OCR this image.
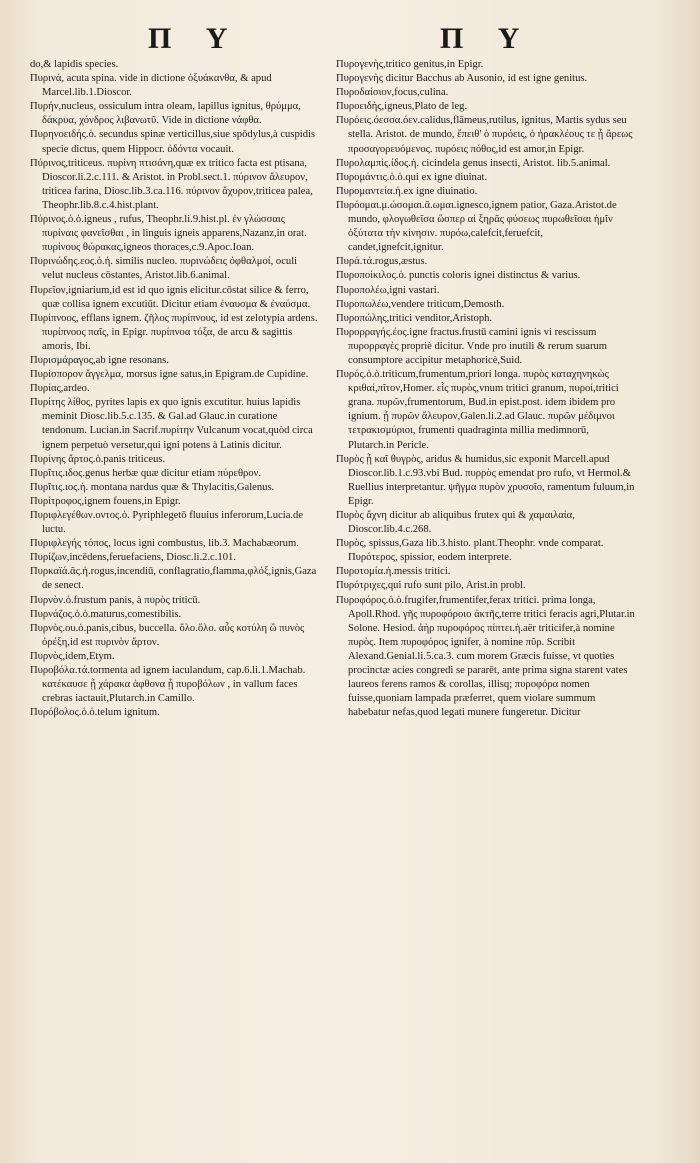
Π Υ	Π Υ

do,& lapidis species.

Πυρινά, acuta spina. vide in dictione ὀξυάκανθα, & apud Marcel.lib.1.Dioscor.

Πυρήν,nucleus, ossiculum intra oleam, lapillus ignitus, θρύμμα, δάκρυα, χόνδρος λιβανωτῦ. Vide in dictione νάφθα.

Πυρηνοειδής.ὁ. secundus spinæ verticillus,siue spōdylus,à cuspidis specie dictus, quem Hippocr. ὀδόντα vocauit.

Πύρινος,triticeus. πυρίνη πτισάνη,quæ ex tritico facta est ptisana, Dioscor.li.2.c.111. & Aristot. in Probl.sect.1. πύρινον ἄλευρον, triticea farina, Diosc.lib.3.ca.116. πύρινον ἄχυρον,triticea palea, Theophr.lib.8.c.4.hist.plant.

Πύρινος.ὁ.ὁ.igneus , rufus, Theophr.li.9.hist.pl. ἐν γλώσσαις πυρίναις φανεῖσθαι , in linguis igneis apparens,Nazanz,in orat. πυρίνους θώρακας,igneos thoraces,c.9.Apoc.Ioan.

Πυρινώδης.εος.ὁ.ἡ. similis nucleo. πυρινώδεις ὀφθαλμοί, oculi velut nucleus cōstantes, Aristot.lib.6.animal.

Πυρεῖον,igniarium,id est id quo ignis elicitur.cōstat silice & ferro, quæ collisa ignem excutiūt. Dicitur etiam ἐναυσμα & ἐναύσμα.

Πυρίπνοος, efflans ignem. ζῆλος πυρίπνους, id est zelotypia ardens. πυρίπνοος παῖς, in Epigr. πυρίπνοα τόξα, de arcu & sagittis amoris, Ibi.

Πυρισμάραγος,ab igne resonans.

Πυρίσπορον ἄγγελμα, morsus igne satus,in Epigram.de Cupidine.

Πυρίας,ardeo.

Πυρίτης λίθος, pyrites lapis ex quo ignis excutitur. huius lapidis meminit Diosc.lib.5.c.135. & Gal.ad Glauc.in curatione tendonum. Lucian.in Sacrif.πυρίτην Vulcanum vocat,quòd circa ignem perpetuò versetur,qui igni potens à Latinis dicitur.

Πυρίνης ἄρτος.ὁ.panis triticeus.

Πυρῖτις.ιδος.genus herbæ quæ dicitur etiam πύρεθρον.

Πυρῖτις.ιος.ἡ. montana nardus quæ & Thylacitis,Galenus.

Πυρίτροφος,ignem fouens,in Epigr.

Πυριφλεγέθων.οντος.ὁ. Pyriphlegetō fluuius inferorum,Lucia.de luctu.

Πυριφλεγής τόπος, locus igni combustus, lib.3. Machabæorum.

Πυρίζων,incēdens,feruefaciens, Diosc.li.2.c.101.

Πυρκαϊά.ᾶς.ἡ.rogus,incendiū, conflagratio,flamma,φλόξ,ignis,Gaza de senect.

Πυρνὸν.ὁ.frustum panis, à πυρὸς triticū.

Πυρνάζος.ὁ.ὁ.maturus,comestibilis.

Πυρνὸς.ου.ὁ.panis,cibus, buccella. ὅλο.ὅλο. αὖς κοτύλη ὢ πυνὸς ὀρέξη,id est πυρινὸν ἄρτον.

Πυρνὸς,idem,Etym.

Πυροβόλα.τά.tormenta ad ignem iaculandum, cap.6.li.1.Machab. κατέκαυσε ᾗ χάρακα ἀφθονα ᾗ πυροβόλων , in vallum faces crebras iactauit,Plutarch.in Camillo.

Πυρόβολος.ὁ.ὁ.telum ignitum.

Πυρογενὴς,tritico genitus,in Epigr.

Πυρογενὴς dicitur Bacchus ab Ausonio, id est igne genitus.

Πυροδαίσιον,focus,culina.

Πυροειδὴς,igneus,Plato de leg.

Πυρόεις.όεσσα.όεν.calidus,flāmeus,rutilus, ignitus, Martis sydus seu stella. Aristot. de mundo, ἔπειθ' ὁ πυρόεις, ὁ ἡρακλέους τε ᾗ ἄρεως προσαγορευόμενος. πυρόεις πόθος,id est amor,in Epigr.

Πυρολαμπὶς.ίδος.ἡ. cicindela genus insecti, Aristot. lib.5.animal.

Πυρομάντις.ὁ.ὁ.qui ex igne diuinat.

Πυρομαντεία.ἡ.ex igne diuinatio.

Πυρόομαι.μ.ώσομαι.ᾶ.ωμαι.ignesco,ignem patior, Gaza.Aristot.de mundo, φλογωθεῖσα ὥσπερ αἱ ξηρᾶς φύσεως πυρωθεῖσαι ἡμῖν ὀξύτατα τὴν κίνησιν. πυρόω,calefcit,feruefcit, candet,ignefcit,ignitur.

Πυρά.τά.rogus,æstus.

Πυροποίκιλος.ὁ. punctis coloris ignei distinctus & varius.

Πυροπολέω,igni vastari.

Πυροπωλέω,vendere triticum,Demosth.

Πυροπώλης,tritici venditor,Aristoph.

Πυρορραγής.έος.igne fractus.frustū camini ignis vi rescissum πυρορραγὲς propriè dicitur. Vnde pro inutili & rerum suarum consumptore accipitur metaphoricè,Suid.

Πυρός.ὁ.ὁ.triticum,frumentum,priori longa. πυρὸς καταχηνηκὼς κριθαί,πῖτον,Homer. εἷς πυρὸς,vnum tritici granum, πυροί,tritici grana. πυρῶν,frumentorum, Bud.in epist.post. idem ibidem pro ignium. ᾗ πυρῶν ἄλευρον,Galen.li.2.ad Glauc. πυρῶν μέδιμνοι τετρακισμύριοι, frumenti quadraginta millia medimnorū, Plutarch.in Pericle.

Πυρὸς ᾗ καῖ θυγρὸς, aridus & humidus,sic exponit Marcell.apud Dioscor.lib.1.c.93.vbi Bud. πυρρὸς emendat pro rufo, vt Hermol.& Ruellius interpretantur. ψῆγμα πυρὸν χρυσοῖο, ramentum fuluum,in Epigr.

Πυρὸς ἄχνη dicitur ab aliquibus frutex qui & χαμαιλαία, Dioscor.lib.4.c.268.

Πυρὸς, spissus,Gaza lib.3.histo. plant.Theophr. vnde comparat. Πυρότερος, spissior, eodem interprete.

Πυροτομία.ἡ.messis tritici.

Πυρότριχες,qui rufo sunt pilo, Arist.in probl.

Πυροφόρος.ὁ.ὁ.frugifer,frumentifer,ferax tritici. prima longa, Apoll.Rhod. γῆς πυροφόροιο ἀκτῆς,terre tritici feracis agri,Plutar.in Solone. Hesiod. ἀὴρ πυροφόρος πίπτει.ἡ.aër triticifer,à nomine πυρὸς. Item πυροφόρος ignifer, à nomine πῦρ. Scribit Alexand.Genial.li.5.ca.3. cum morem Græcis fuisse, vt quoties procinctæ acies congredi se pararēt, ante prima signa starent vates laureos ferens ramos & corollas, illisq; πυροφόρα nomen fuisse,quoniam lampada præferret, quem violare summum habebatur nefas,quod legati munere fungeretur. Dicitur
